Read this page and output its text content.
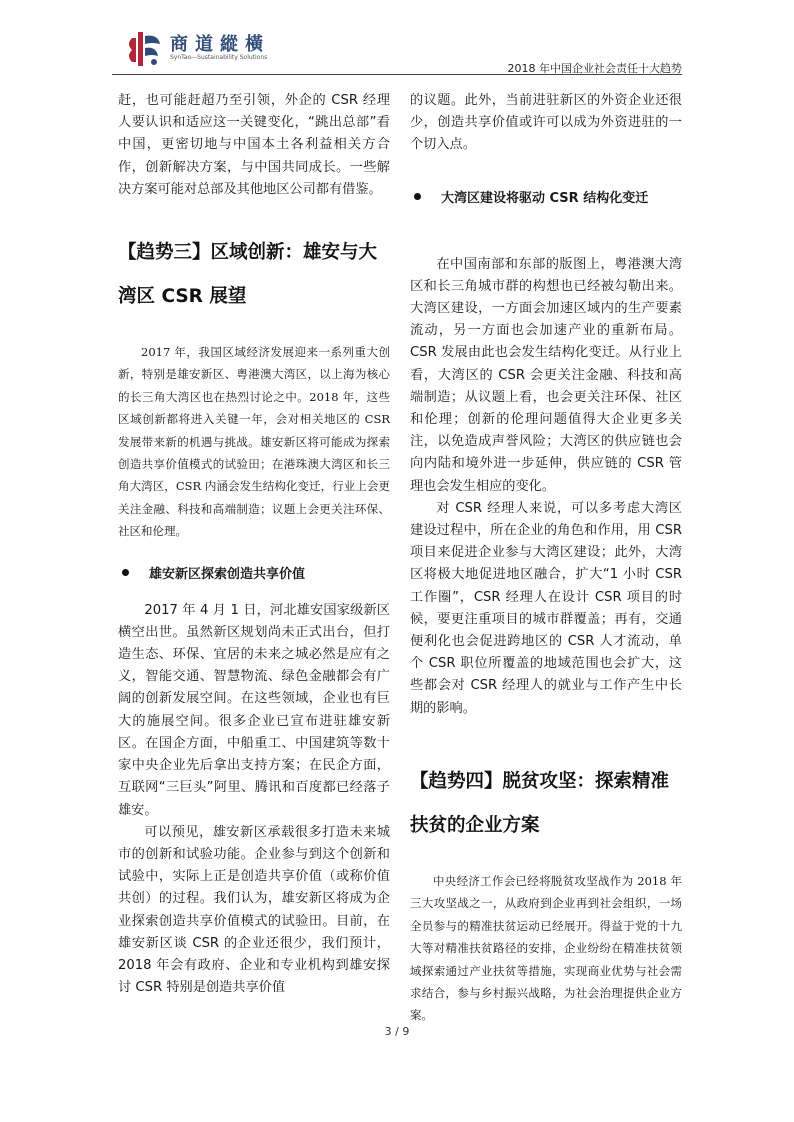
商道縱橫
SynTao—Sustainability Solutions
2018 年中国企业社会责任十大趋势

赶，也可能赶超乃至引领，外企的 CSR 经理人要认识和适应这一关键变化，“跳出总部”看中国，更密切地与中国本土各利益相关方合作，创新解决方案，与中国共同成长。一些解决方案可能对总部及其他地区公司都有借鉴。

【趋势三】区域创新：雄安与大湾区 CSR 展望

2017 年，我国区域经济发展迎来一系列重大创新，特别是雄安新区、粤港澳大湾区，以上海为核心的长三角大湾区也在热烈讨论之中。2018 年，这些区域创新都将进入关键一年，会对相关地区的 CSR 发展带来新的机遇与挑战。雄安新区将可能成为探索创造共享价值模式的试验田；在港珠澳大湾区和长三角大湾区，CSR 内涵会发生结构化变迁，行业上会更关注金融、科技和高端制造；议题上会更关注环保、社区和伦理。

雄安新区探索创造共享价值

2017 年 4 月 1 日，河北雄安国家级新区横空出世。虽然新区规划尚未正式出台，但打造生态、环保、宜居的未来之城必然是应有之义，智能交通、智慧物流、绿色金融都会有广阔的创新发展空间。在这些领域，企业也有巨大的施展空间。很多企业已宣布进驻雄安新区。在国企方面，中船重工、中国建筑等数十家中央企业先后拿出支持方案；在民企方面，互联网“三巨头”阿里、腾讯和百度都已经落子雄安。

可以预见，雄安新区承载很多打造未来城市的创新和试验功能。企业参与到这个创新和试验中，实际上正是创造共享价值（或称价值共创）的过程。我们认为，雄安新区将成为企业探索创造共享价值模式的试验田。目前，在雄安新区谈 CSR 的企业还很少，我们预计，2018 年会有政府、企业和专业机构到雄安探讨 CSR 特别是创造共享价值

的议题。此外，当前进驻新区的外资企业还很少，创造共享价值或许可以成为外资进驻的一个切入点。

大湾区建设将驱动 CSR 结构化变迁

在中国南部和东部的版图上，粤港澳大湾区和长三角城市群的构想也已经被勾勒出来。大湾区建设，一方面会加速区域内的生产要素流动，另一方面也会加速产业的重新布局。CSR 发展由此也会发生结构化变迁。从行业上看，大湾区的 CSR 会更关注金融、科技和高端制造；从议题上看，也会更关注环保、社区和伦理；创新的伦理问题值得大企业更多关注，以免造成声誉风险；大湾区的供应链也会向内陆和境外进一步延伸，供应链的 CSR 管理也会发生相应的变化。

对 CSR 经理人来说，可以多考虑大湾区建设过程中，所在企业的角色和作用，用 CSR 项目来促进企业参与大湾区建设；此外，大湾区将极大地促进地区融合，扩大“1 小时 CSR 工作圈”，CSR 经理人在设计 CSR 项目的时候，要更注重项目的城市群覆盖；再有，交通便利化也会促进跨地区的 CSR 人才流动，单个 CSR 职位所覆盖的地域范围也会扩大，这些都会对 CSR 经理人的就业与工作产生中长期的影响。

【趋势四】脱贫攻坚：探索精准扶贫的企业方案

中央经济工作会已经将脱贫攻坚战作为 2018 年三大攻坚战之一，从政府到企业再到社会组织，一场全员参与的精准扶贫运动已经展开。得益于党的十九大等对精准扶贫路径的安排，企业纷纷在精准扶贫领域探索通过产业扶贫等措施，实现商业优势与社会需求结合，参与乡村振兴战略，为社会治理提供企业方案。

3 / 9
